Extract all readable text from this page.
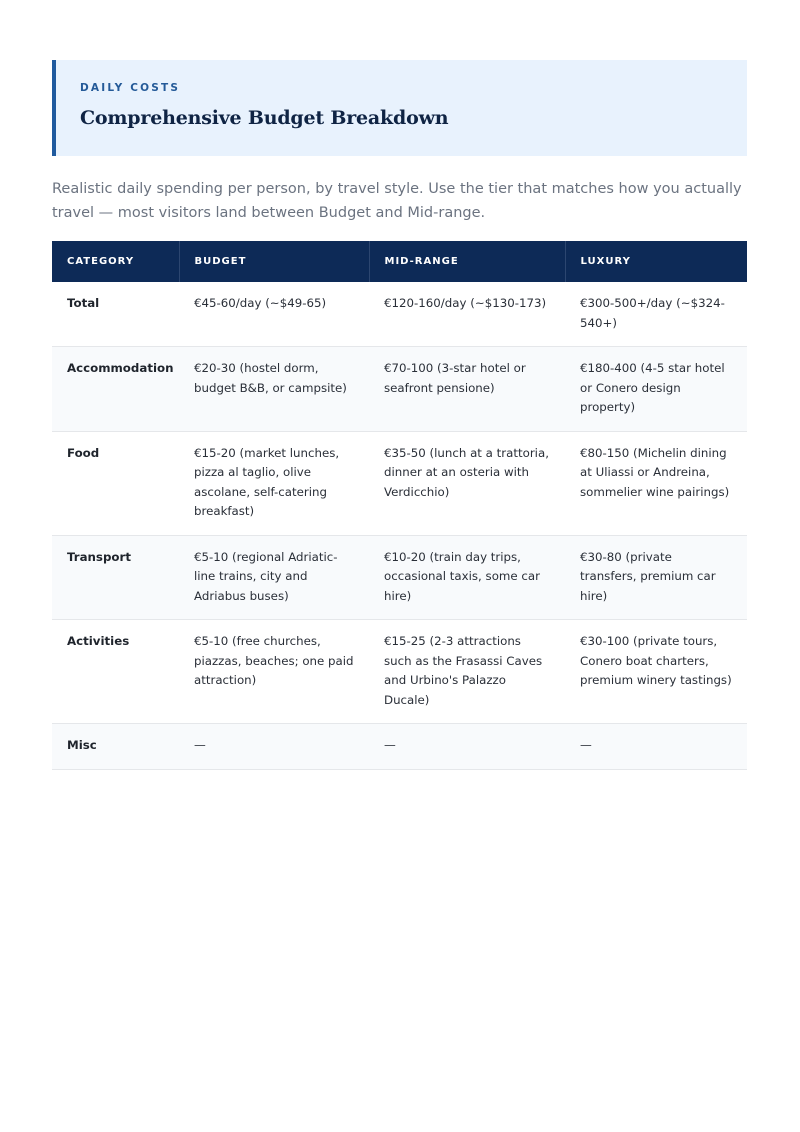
DAILY COSTS
Comprehensive Budget Breakdown

Realistic daily spending per person, by travel style. Use the tier that matches how you actually travel — most visitors land between Budget and Mid-range.

CATEGORY	BUDGET	MID-RANGE	LUXURY
Total	€45-60/day (~$49-65)	€120-160/day (~$130-173)	€300-500+/day (~$324-540+)
Accommodation	€20-30 (hostel dorm, budget B&B, or campsite)	€70-100 (3-star hotel or seafront pensione)	€180-400 (4-5 star hotel or Conero design property)
Food	€15-20 (market lunches, pizza al taglio, olive ascolane, self-catering breakfast)	€35-50 (lunch at a trattoria, dinner at an osteria with Verdicchio)	€80-150 (Michelin dining at Uliassi or Andreina, sommelier wine pairings)
Transport	€5-10 (regional Adriatic-line trains, city and Adriabus buses)	€10-20 (train day trips, occasional taxis, some car hire)	€30-80 (private transfers, premium car hire)
Activities	€5-10 (free churches, piazzas, beaches; one paid attraction)	€15-25 (2-3 attractions such as the Frasassi Caves and Urbino's Palazzo Ducale)	€30-100 (private tours, Conero boat charters, premium winery tastings)
Misc	—	—	—
